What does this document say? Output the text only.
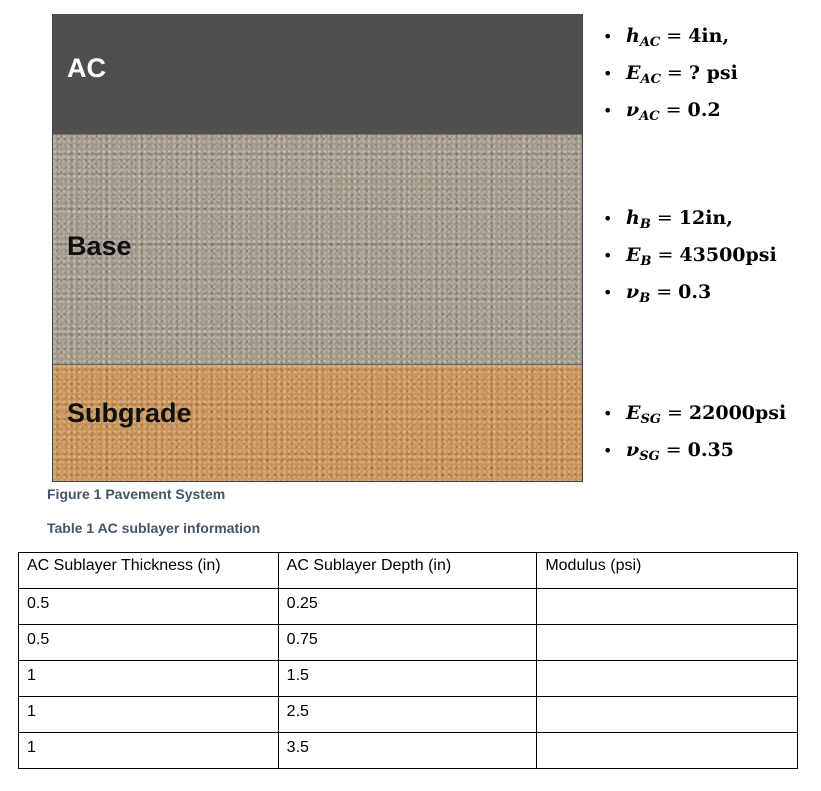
AC
Base
Subgrade
• $h_{AC} = 4in$,
• $E_{AC}$ = ? psi
• $\nu_{AC} = 0.2$
• $h_B = 12in$,
• $E_B = 43500psi$
• $\nu_B = 0.3$
• $E_{SG} = 22000psi$
• $\nu_{SG} = 0.35$
Figure 1 Pavement System
Table 1 AC sublayer information
AC Sublayer Thickness (in)	AC Sublayer Depth (in)	Modulus (psi)
0.5	0.25	
0.5	0.75	
1	1.5	
1	2.5	
1	3.5	
